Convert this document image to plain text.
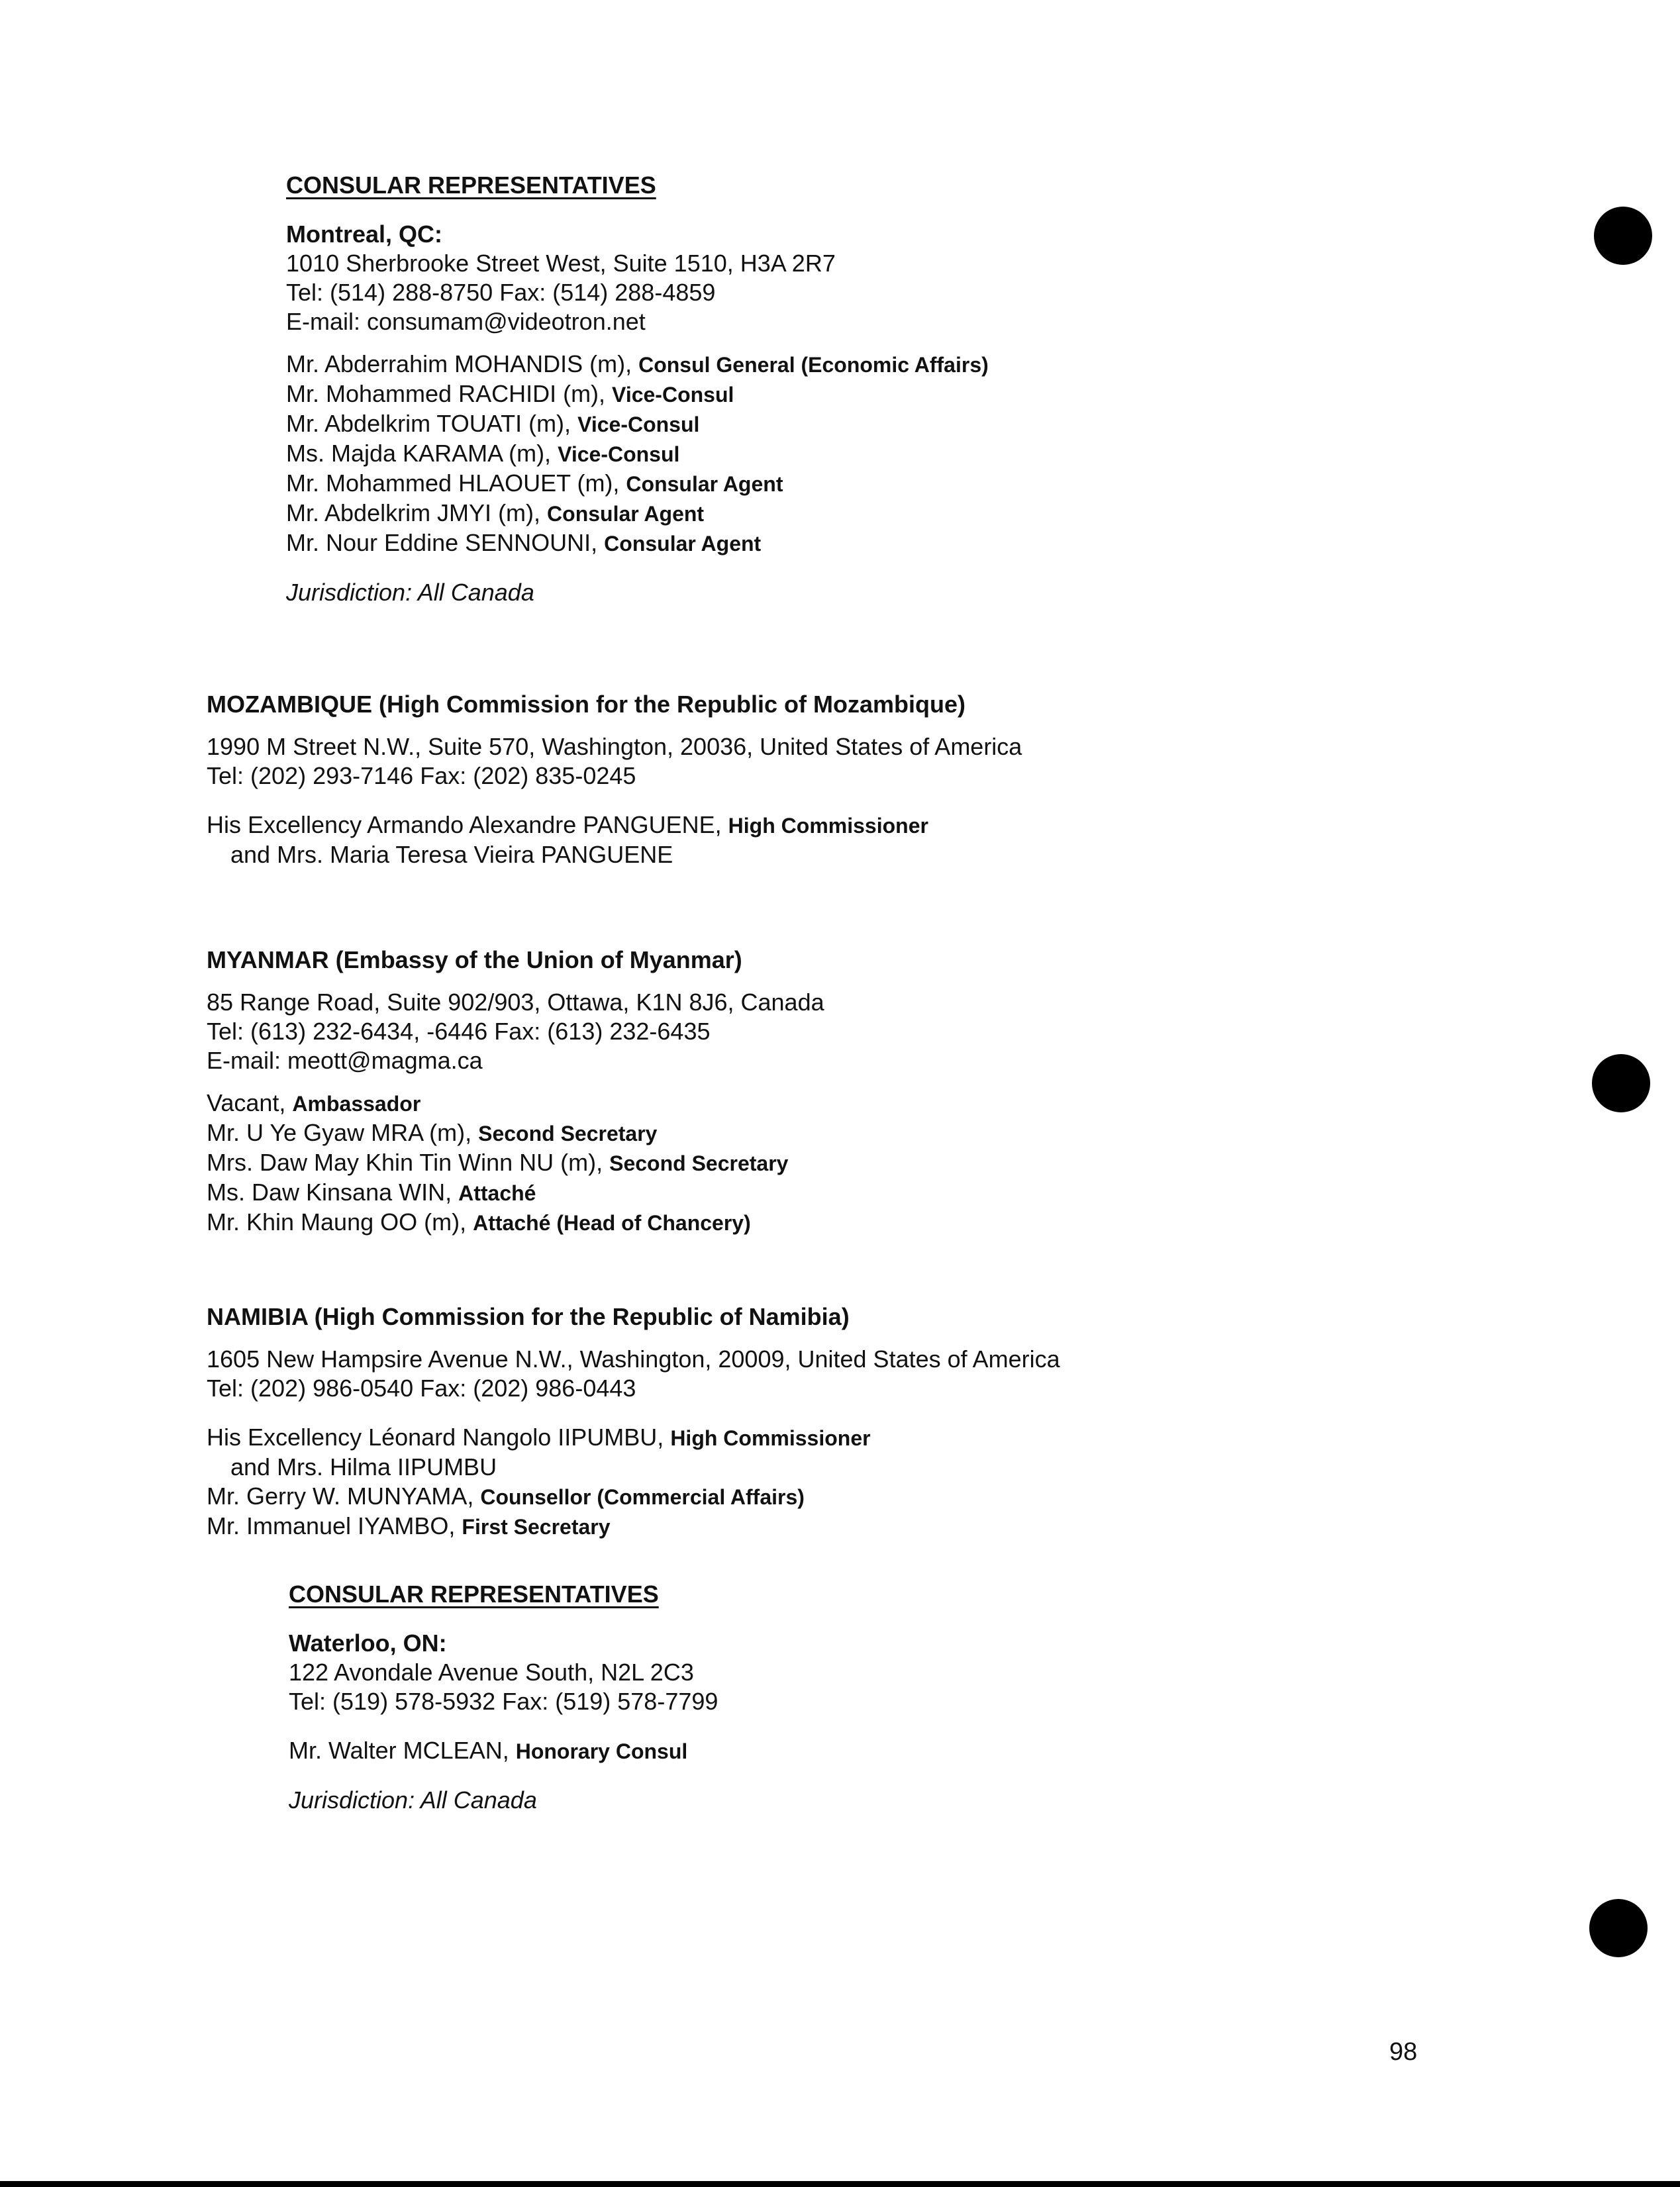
CONSULAR REPRESENTATIVES
Montreal, QC:
1010 Sherbrooke Street West, Suite 1510, H3A 2R7
Tel: (514) 288-8750 Fax: (514) 288-4859
E-mail: consumam@videotron.net
Mr. Abderrahim MOHANDIS (m), Consul General (Economic Affairs)
Mr. Mohammed RACHIDI (m), Vice-Consul
Mr. Abdelkrim TOUATI (m), Vice-Consul
Ms. Majda KARAMA (m), Vice-Consul
Mr. Mohammed HLAOUET (m), Consular Agent
Mr. Abdelkrim JMYI (m), Consular Agent
Mr. Nour Eddine SENNOUNI, Consular Agent
Jurisdiction: All Canada
MOZAMBIQUE (High Commission for the Republic of Mozambique)
1990 M Street N.W., Suite 570, Washington, 20036, United States of America
Tel: (202) 293-7146 Fax: (202) 835-0245
His Excellency Armando Alexandre PANGUENE, High Commissioner
and Mrs. Maria Teresa Vieira PANGUENE
MYANMAR (Embassy of the Union of Myanmar)
85 Range Road, Suite 902/903, Ottawa, K1N 8J6, Canada
Tel: (613) 232-6434, -6446 Fax: (613) 232-6435
E-mail: meott@magma.ca
Vacant, Ambassador
Mr. U Ye Gyaw MRA (m), Second Secretary
Mrs. Daw May Khin Tin Winn NU (m), Second Secretary
Ms. Daw Kinsana WIN, Attaché
Mr. Khin Maung OO (m), Attaché (Head of Chancery)
NAMIBIA (High Commission for the Republic of Namibia)
1605 New Hampsire Avenue N.W., Washington, 20009, United States of America
Tel: (202) 986-0540 Fax: (202) 986-0443
His Excellency Léonard Nangolo IIPUMBU, High Commissioner
and Mrs. Hilma IIPUMBU
Mr. Gerry W. MUNYAMA, Counsellor (Commercial Affairs)
Mr. Immanuel IYAMBO, First Secretary
CONSULAR REPRESENTATIVES
Waterloo, ON:
122 Avondale Avenue South, N2L 2C3
Tel: (519) 578-5932 Fax: (519) 578-7799
Mr. Walter MCLEAN, Honorary Consul
Jurisdiction: All Canada
98
